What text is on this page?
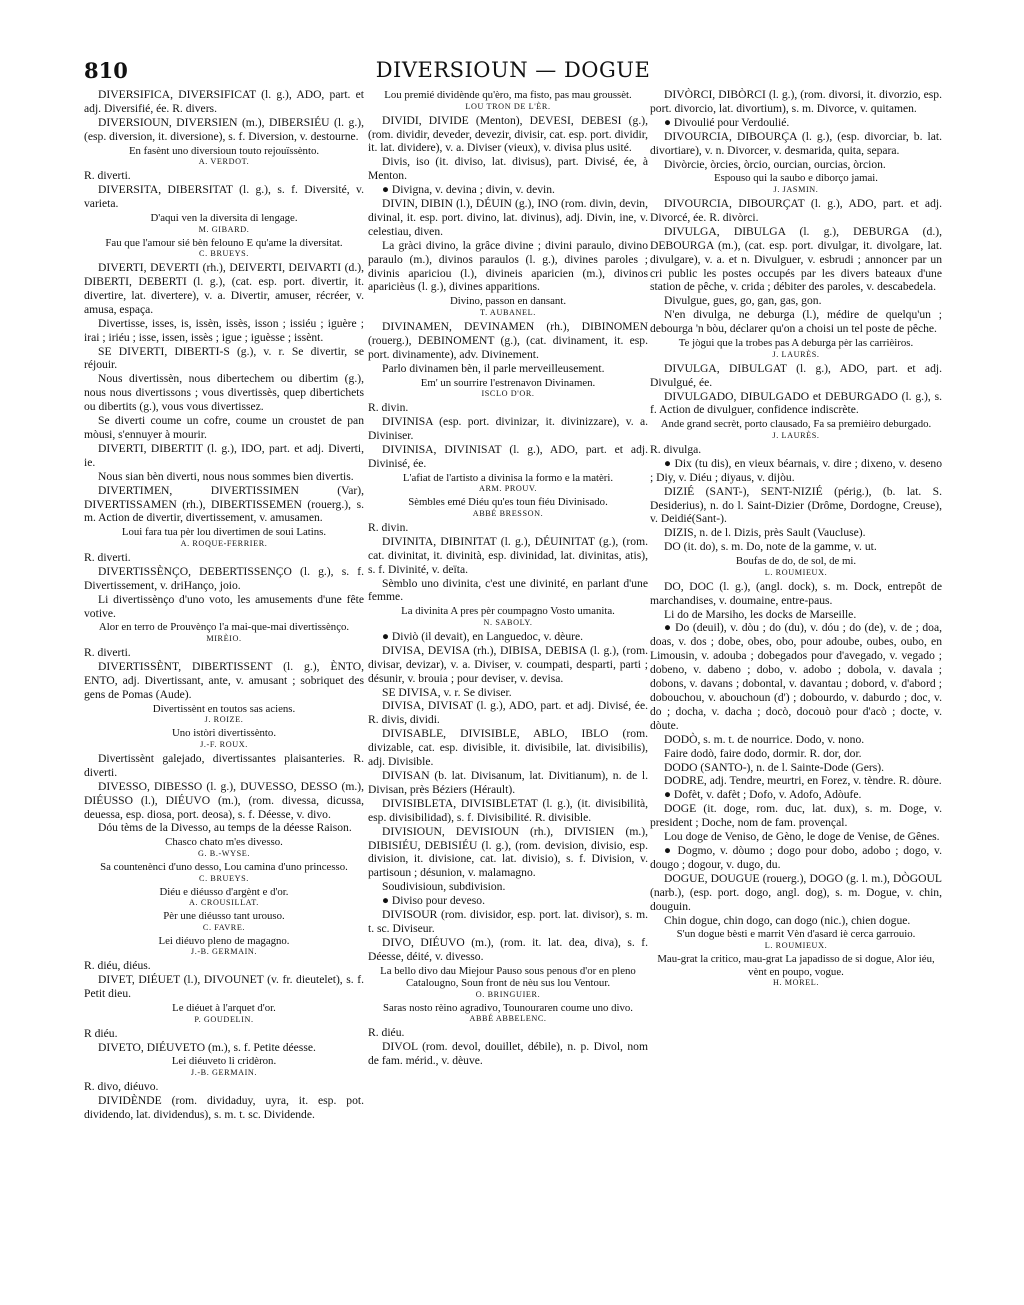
810	DIVERSIOUN — DOGUE
DIVERSIFICA, DIVERSIFICAT (l. g.), ADO, part. et adj. Diversifié, ée. R. divers.
DIVERSIOUN, DIVERSIEN (m.), DIBERSIÉU (l. g.), (esp. diversion, it. diversione), s. f. Diversion, v. destourne.
En fasènt uno diversioun touto rejouïssènto.
A. VERDOT.
R. diverti.
DIVERSITA, DIBERSITAT (l. g.), s. f. Diversité, v. varieta.
D'aqui ven la diversita di lengage.
M. GIBARD.
Fau que l'amour sié bèn felouno E qu'ame la diversitat.
C. BRUEYS.
DIVERTI, DEVERTI (rh.), DEIVERTI, DEIVARTI (d.), DIBERTI, DEBERTI (l. g.), (cat. esp. port. divertir, it. divertire, lat. divertere), v. a. Divertir, amuser, récréer, v. amusa, espaça.
Divertisse, isses, is, issèn, issès, isson ; issiéu ; iguère ; irai ; iriéu ; isse, issen, issès ; igue ; iguèsse ; issènt.
SE DIVERTI, DIBERTI-S (g.), v. r. Se divertir, se réjouir.
Nous divertissèn, nous dibertechem ou dibertim (g.), nous nous divertissons ; vous divertissès, quep dibertichets ou dibertits (g.), vous vous divertissez.
Se diverti coume un cofre, coume un croustet de pan mòusi, s'ennuyer à mourir.
DIVERTI, DIBERTIT (l. g.), IDO, part. et adj. Diverti, ie.
Nous sian bèn diverti, nous nous sommes bien divertis.
DIVERTIMEN, DIVERTISSIMEN (Var), DIVERTISSAMEN (rh.), DIBERTISSEMEN (rouerg.), s. m. Action de divertir, divertissement, v. amusamen.
Loui fara tua pèr lou divertimen de soui Latins.
A. ROQUE-FERRIER.
R. diverti.
DIVERTISSÈNÇO, DEBERTISSENÇO (l. g.), s. f. Divertissement, v. driHanço, joio.
Li divertissènço d'uno voto, les amusements d'une fête votive.
Alor en terro de Prouvènço l'a mai-que-mai divertissènço.
MIRÈIO.
R. diverti.
DIVERTISSÈNT, DIBERTISSENT (l. g.), ÈNTO, ENTO, adj. Divertissant, ante, v. amusant ; sobriquet des gens de Pomas (Aude).
Divertissènt en toutos sas aciens.
J. ROIZE.
Uno istòri divertissènto.
J.-F. ROUX.
Divertissènt galejado, divertissantes plaisanteries. R. diverti.
DIVESSO, DIBESSO (l. g.), DUVESSO, DESSO (m.), DIÉUSSO (l.), DIÉUVO (m.), (rom. divessa, dicussa, deuessa, esp. diosa, port. deosa), s. f. Déesse, v. divo.
Dóu tèms de la Divesso, au temps de la déesse Raison.
Chasco chato m'es divesso.
G. B.-WYSE.
Sa countenènci d'uno desso, Lou camina d'uno princesso.
C. BRUEYS.
Diéu e diéusso d'argènt e d'or.
A. CROUSILLAT.
Pèr une diéusso tant urouso.
C. FAVRE.
Lei diéuvo pleno de magagno.
J.-B. GERMAIN.
R. diéu, diéus.
DIVET, DIÉUET (l.), DIVOUNET (v. fr. dieutelet), s. f. Petit dieu.
Le diéuet à l'arquet d'or.
P. GOUDELIN.
R diéu.
DIVETO, DIÉUVETO (m.), s. f. Petite déesse.
Lei diéuveto li cridèron.
J.-B. GERMAIN.
R. divo, diéuvo.
DIVIDÈNDE (rom. dividaduy, uyra, it. esp. pot. dividendo, lat. dividendus), s. m. t. sc. Dividende.
Lou premié dividènde qu'èro, ma fisto, pas mau groussèt.
LOU TRON DE L'ÈR.
DIVIDI, DIVIDE (Menton), DEVESI, DEBESI (g.), (rom. dividir, deveder, devezir, divisir, cat. esp. port. dividir, it. lat. dividere), v. a. Diviser (vieux), v. divisa plus usité.
Divis, iso (it. diviso, lat. divisus), part. Divisé, ée, à Menton.
● Divigna, v. devina ; divin, v. devin.
DIVIN, DIBIN (l.), DÉUIN (g.), INO (rom. divin, devin, divinal, it. esp. port. divino, lat. divinus), adj. Divin, ine, v. celestiau, diven.
La gràci divino, la grâce divine ; divini paraulo, divino paraulo (m.), divinos paraulos (l. g.), divines paroles ; divinis apariciou (l.), divineis aparicien (m.), divinos aparicièus (l. g.), divines apparitions.
Divino, passon en dansant.
T. AUBANEL.
DIVINAMEN, DEVINAMEN (rh.), DIBINOMEN (rouerg.), DEBINOMENT (g.), (cat. divinament, it. esp. port. divinamente), adv. Divinement.
Parlo divinamen bèn, il parle merveilleusement.
Em' un sourrire l'estrenavon Divinamen.
ISCLO D'OR.
R. divin.
DIVINISA (esp. port. divinizar, it. divinizzare), v. a. Diviniser.
DIVINISA, DIVINISAT (l. g.), ADO, part. et adj. Divinisé, ée.
L'afiat de l'artisto a divinisa la formo e la matèri.
ARM. PROUV.
Sèmbles emé Diéu qu'es toun fiéu Divinisado.
ABBÉ BRESSON.
R. divin.
DIVINITA, DIBINITAT (l. g.), DÉUINITAT (g.), (rom. cat. divinitat, it. divinità, esp. divinidad, lat. divinitas, atis), s. f. Divinité, v. deïta.
Sèmblo uno divinita, c'est une divinité, en parlant d'une femme.
La divinita A pres pèr coumpagno Vosto umanita.
N. SABOLY.
● Diviò (il devait), en Languedoc, v. dèure.
DIVISA, DEVISA (rh.), DIBISA, DEBISA (l. g.), (rom. divisar, devizar), v. a. Diviser, v. coumpati, desparti, parti ; désunir, v. brouia ; pour deviser, v. devisa.
SE DIVISA, v. r. Se diviser.
DIVISA, DIVISAT (l. g.), ADO, part. et adj. Divisé, ée. R. divis, dividi.
DIVISABLE, DIVISIBLE, ABLO, IBLO (rom. divizable, cat. esp. divisible, it. divisibile, lat. divisibilis), adj. Divisible.
DIVISAN (b. lat. Divisanum, lat. Divitianum), n. de l. Divisan, près Béziers (Hérault).
DIVISIBLETA, DIVISIBLETAT (l. g.), (it. divisibilità, esp. divisibilidad), s. f. Divisibilité. R. divisible.
DIVISIOUN, DEVISIOUN (rh.), DIVISIEN (m.), DIBISIÉU, DEBISIÉU (l. g.), (rom. devision, divisio, esp. division, it. divisione, cat. lat. divisio), s. f. Division, v. partisoun ; désunion, v. malamagno.
Soudivisioun, subdivision.
● Diviso pour deveso.
DIVISOUR (rom. divisidor, esp. port. lat. divisor), s. m. t. sc. Diviseur.
DIVO, DIÉUVO (m.), (rom. it. lat. dea, diva), s. f. Déesse, déité, v. divesso.
La bello divo dau Miejour Pauso sous penous d'or en pleno Catalougno, Soun front de nèu sus lou Ventour.
O. BRINGUIER.
Saras nosto rèino agradivo, Tounouraren coume uno divo.
ABBÉ ABBELENC.
R. diéu.
DIVOL (rom. devol, douillet, débile), n. p. Divol, nom de fam. mérid., v. dèuve.
DIVÒRCI, DIBÒRCI (l. g.), (rom. divorsi, it. divorzio, esp. port. divorcio, lat. divortium), s. m. Divorce, v. quitamen.
● Divoulié pour Verdoulié.
DIVOURCIA, DIBOURÇA (l. g.), (esp. divorciar, b. lat. divortiare), v. n. Divorcer, v. desmarida, quita, separa.
Divòrcie, òrcies, òrcio, ourcian, ourcias, òrcion.
Espouso qui la saubo e diborço jamai.
J. JASMIN.
DIVOURCIA, DIBOURÇAT (l. g.), ADO, part. et adj. Divorcé, ée. R. divòrci.
DIVULGA, DIBULGA (l. g.), DEBURGA (d.), DEBOURGA (m.), (cat. esp. port. divulgar, it. divolgare, lat. divulgare), v. a. et n. Divulguer, v. esbrudi ; annoncer par un cri public les postes occupés par les divers bateaux d'une station de pêche, v. crida ; débiter des paroles, v. descabedela.
Divulgue, gues, go, gan, gas, gon.
N'en divulga, ne deburga (l.), médire de quelqu'un ; debourga 'n bòu, déclarer qu'on a choisi un tel poste de pêche.
Te jògui que la trobes pas A deburga pèr las carrièiros.
J. LAURÈS.
DIVULGA, DIBULGAT (l. g.), ADO, part. et adj. Divulgué, ée.
DIVULGADO, DIBULGADO et DEBURGADO (l. g.), s. f. Action de divulguer, confidence indiscrète.
Ande grand secrèt, porto clausado, Fa sa premièiro deburgado.
J. LAURÈS.
R. divulga.
● Dix (tu dis), en vieux béarnais, v. dire ; dixeno, v. deseno ; Diy, v. Diéu ; diyaus, v. dijòu.
DIZIÉ (SANT-), SENT-NIZIÉ (périg.), (b. lat. S. Desiderius), n. do l. Saint-Dizier (Drôme, Dordogne, Creuse), v. Deidié(Sant-).
DIZIS, n. de l. Dizis, près Sault (Vaucluse).
DO (it. do), s. m. Do, note de la gamme, v. ut.
Boufas de do, de sol, de mi.
L. ROUMIEUX.
DO, DOC (l. g.), (angl. dock), s. m. Dock, entrepôt de marchandises, v. doumaine, entre-paus.
Li do de Marsiho, les docks de Marseille.
● Do (deuil), v. dòu ; do (du), v. dóu ; do (de), v. de ; doa, doas, v. dos ; dobe, obes, obo, pour adoube, oubes, oubo, en Limousin, v. adouba ; dobegados pour d'avegado, v. vegado ; dobeno, v. dabeno ; dobo, v. adobo ; dobola, v. davala ; dobons, v. davans ; dobontal, v. davantau ; dobord, v. d'abord ; dobouchou, v. abouchoun (d') ; dobourdo, v. daburdo ; doc, v. do ; docha, v. dacha ; docò, docouò pour d'acò ; docte, v. dòute.
DODÒ, s. m. t. de nourrice. Dodo, v. nono.
Faire dodò, faire dodo, dormir. R. dor, dor.
DODO (SANTO-), n. de l. Sainte-Dode (Gers).
DODRE, adj. Tendre, meurtri, en Forez, v. tèndre. R. dòure.
● Dofèt, v. dafèt ; Dofo, v. Adofo, Adòufe.
DOGE (it. doge, rom. duc, lat. dux), s. m. Doge, v. president ; Doche, nom de fam. provençal.
Lou doge de Veniso, de Gèno, le doge de Venise, de Gênes.
● Dogmo, v. dòumo ; dogo pour dobo, adobo ; dogo, v. dougo ; dogour, v. dugo, du.
DOGUE, DOUGUE (rouerg.), DOGO (g. l. m.), DÒGOUL (narb.), (esp. port. dogo, angl. dog), s. m. Dogue, v. chin, douguin.
Chin dogue, chin dogo, can dogo (nic.), chien dogue.
S'un dogue bèsti e marrit Vèn d'asard iè cerca garrouio.
L. ROUMIEUX.
Mau-grat la critico, mau-grat La japadisso de si dogue, Alor iéu, vènt en poupo, vogue.
H. MOREL.
